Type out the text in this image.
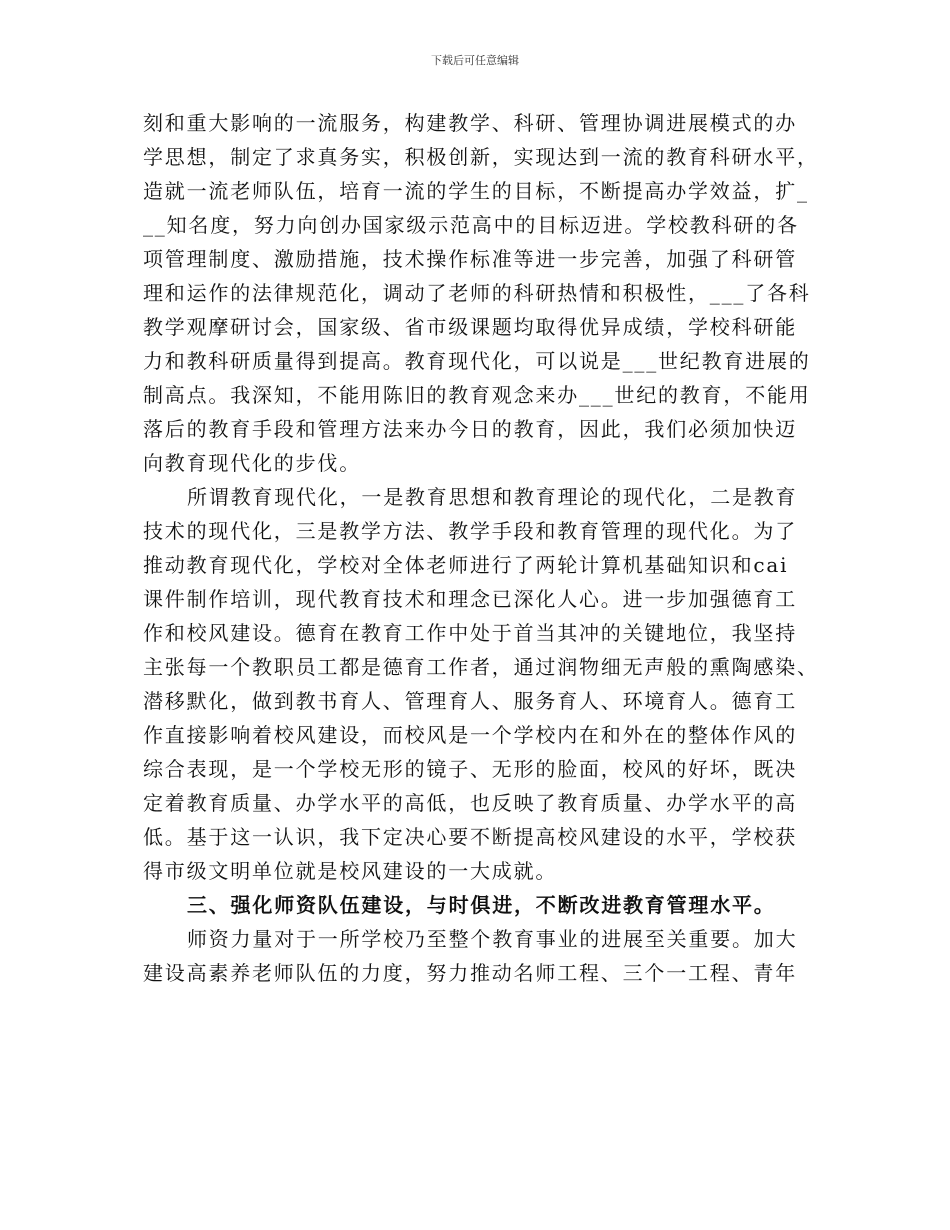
下载后可任意编辑
刻和重大影响的一流服务，构建教学、科研、管理协调进展模式的办
学思想，制定了求真务实，积极创新，实现达到一流的教育科研水平，
造就一流老师队伍，培育一流的学生的目标，不断提高办学效益，扩_
__知名度，努力向创办国家级示范高中的目标迈进。学校教科研的各
项管理制度、激励措施，技术操作标准等进一步完善，加强了科研管
理和运作的法律规范化，调动了老师的科研热情和积极性，___了各科
教学观摩研讨会，国家级、省市级课题均取得优异成绩，学校科研能
力和教科研质量得到提高。教育现代化，可以说是___世纪教育进展的
制高点。我深知，不能用陈旧的教育观念来办___世纪的教育，不能用
落后的教育手段和管理方法来办今日的教育，因此，我们必须加快迈
向教育现代化的步伐。
所谓教育现代化，一是教育思想和教育理论的现代化，二是教育
技术的现代化，三是教学方法、教学手段和教育管理的现代化。为了
推动教育现代化，学校对全体老师进行了两轮计算机基础知识和cai
课件制作培训，现代教育技术和理念已深化人心。进一步加强德育工
作和校风建设。德育在教育工作中处于首当其冲的关键地位，我坚持
主张每一个教职员工都是德育工作者，通过润物细无声般的熏陶感染、
潜移默化，做到教书育人、管理育人、服务育人、环境育人。德育工
作直接影响着校风建设，而校风是一个学校内在和外在的整体作风的
综合表现，是一个学校无形的镜子、无形的脸面，校风的好坏，既决
定着教育质量、办学水平的高低，也反映了教育质量、办学水平的高
低。基于这一认识，我下定决心要不断提高校风建设的水平，学校获
得市级文明单位就是校风建设的一大成就。
三、强化师资队伍建设，与时俱进，不断改进教育管理水平。
师资力量对于一所学校乃至整个教育事业的进展至关重要。加大
建设高素养老师队伍的力度，努力推动名师工程、三个一工程、青年
